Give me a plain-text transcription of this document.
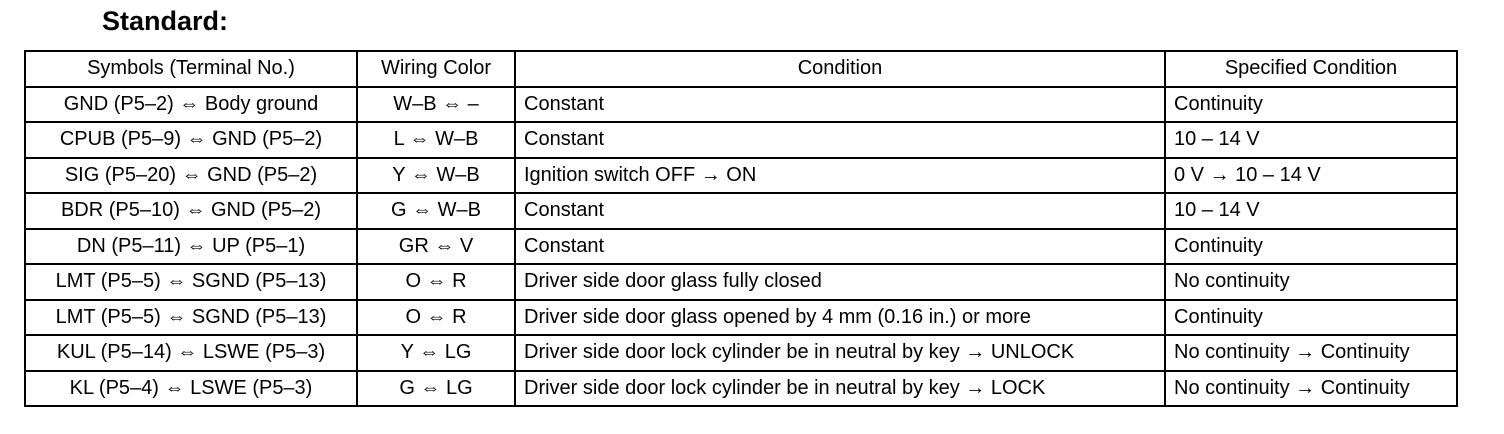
Standard:
Symbols (Terminal No.)	Wiring Color	Condition	Specified Condition
GND (P5–2) ⇔ Body ground	W–B ⇔ –	Constant	Continuity
CPUB (P5–9) ⇔ GND (P5–2)	L ⇔ W–B	Constant	10 – 14 V
SIG (P5–20) ⇔ GND (P5–2)	Y ⇔ W–B	Ignition switch OFF → ON	0 V → 10 – 14 V
BDR (P5–10) ⇔ GND (P5–2)	G ⇔ W–B	Constant	10 – 14 V
DN (P5–11) ⇔ UP (P5–1)	GR ⇔ V	Constant	Continuity
LMT (P5–5) ⇔ SGND (P5–13)	O ⇔ R	Driver side door glass fully closed	No continuity
LMT (P5–5) ⇔ SGND (P5–13)	O ⇔ R	Driver side door glass opened by 4 mm (0.16 in.) or more	Continuity
KUL (P5–14) ⇔ LSWE (P5–3)	Y ⇔ LG	Driver side door lock cylinder be in neutral by key → UNLOCK	No continuity → Continuity
KL (P5–4) ⇔ LSWE (P5–3)	G ⇔ LG	Driver side door lock cylinder be in neutral by key → LOCK	No continuity → Continuity
